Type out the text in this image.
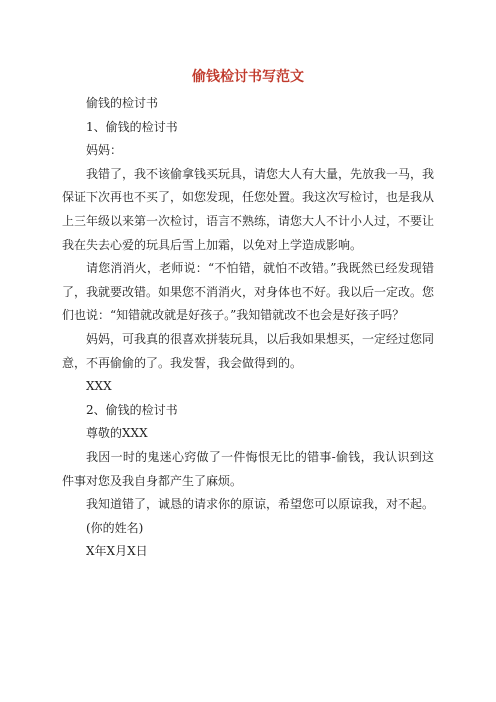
偷钱检讨书写范文

偷钱的检讨书

1、偷钱的检讨书

妈妈：

我错了，我不该偷拿钱买玩具，请您大人有大量，先放我一马，我保证下次再也不买了，如您发现，任您处置。我这次写检讨，也是我从上三年级以来第一次检讨，语言不熟练，请您大人不计小人过，不要让我在失去心爱的玩具后雪上加霜，以免对上学造成影响。

请您消消火，老师说：“不怕错，就怕不改错。”我既然已经发现错了，我就要改错。如果您不消消火，对身体也不好。我以后一定改。您们也说：“知错就改就是好孩子。”我知错就改不也会是好孩子吗？

妈妈，可我真的很喜欢拼装玩具，以后我如果想买，一定经过您同意，不再偷偷的了。我发誓，我会做得到的。

XXX

2、偷钱的检讨书

尊敬的XXX

我因一时的鬼迷心窍做了一件悔恨无比的错事-偷钱，我认识到这件事对您及我自身都产生了麻烦。

我知道错了，诚恳的请求你的原谅，希望您可以原谅我，对不起。

(你的姓名)

X年X月X日
